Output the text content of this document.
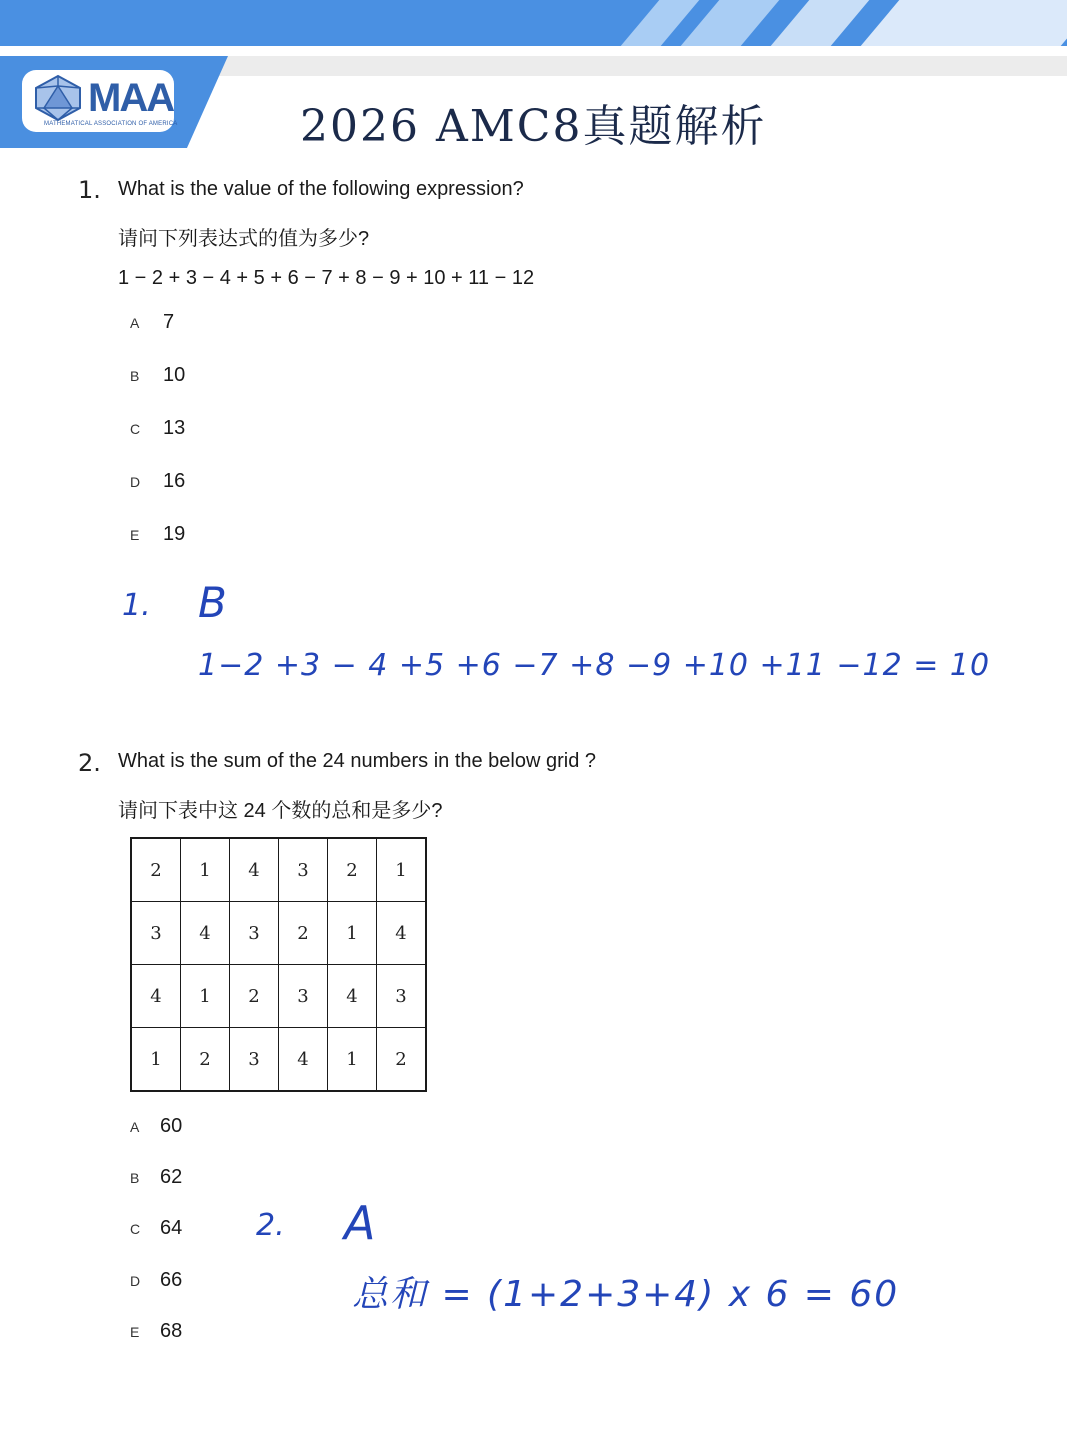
MAA
MATHEMATICAL ASSOCIATION OF AMERICA	2026 AMC8真题解析
1. What is the value of the following expression?
请问下列表达式的值为多少?
1 − 2 + 3 − 4 + 5 + 6 − 7 + 8 − 9 + 10 + 11 − 12
A 7
B 10
C 13
D 16
E 19
1. B
1−2 +3 − 4 +5 +6 −7 +8 −9 +10 +11 −12 = 10
2. What is the sum of the 24 numbers in the below grid ?
请问下表中这 24 个数的总和是多少?
2	1	4	3	2	1
3	4	3	2	1	4
4	1	2	3	4	3
1	2	3	4	1	2
A 60
B 62
C 64
D 66
E 68
2. A
总和 = (1+2+3+4) x 6 = 60
